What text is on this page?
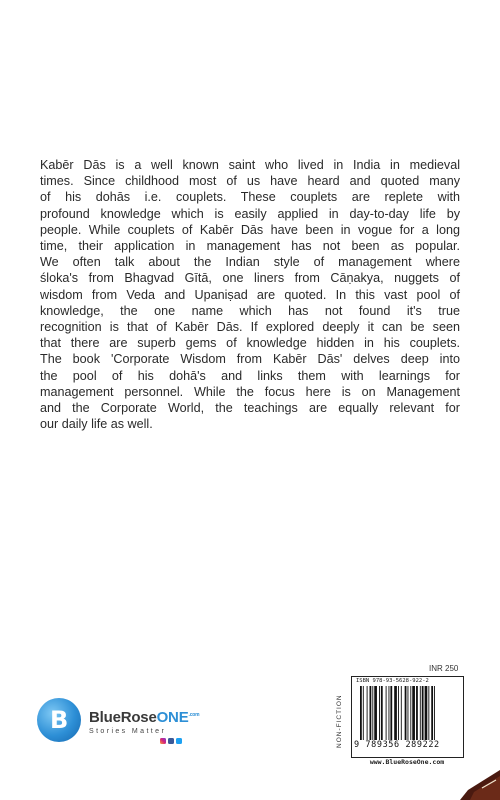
Kabēr Dās is a well known saint who lived in India in medieval
times. Since childhood most of us have heard and quoted many
of his dohās i.e. couplets. These couplets are replete with
profound knowledge which is easily applied in day-to-day life by
people. While couplets of Kabēr Dās have been in vogue for a long
time, their application in management has not been as popular.
We often talk about the Indian style of management where
śloka's from Bhagvad Gītā, one liners from Cāṇakya, nuggets of
wisdom from Veda and Upaniṣad are quoted. In this vast pool of
knowledge, the one name which has not found it's true
recognition is that of Kabēr Dās. If explored deeply it can be seen
that there are superb gems of knowledge hidden in his couplets.
The book 'Corporate Wisdom from Kabēr Dās' delves deep into
the pool of his dohā's and links them with learnings for
management personnel. While the focus here is on Management
and the Corporate World, the teachings are equally relevant for
our daily life as well.
B BlueRoseONE$^{.com}$
Stories Matter
INR 250
NON-FICTION
ISBN 978-93-5628-922-2
9 789356 289222
www.BlueRoseOne.com
